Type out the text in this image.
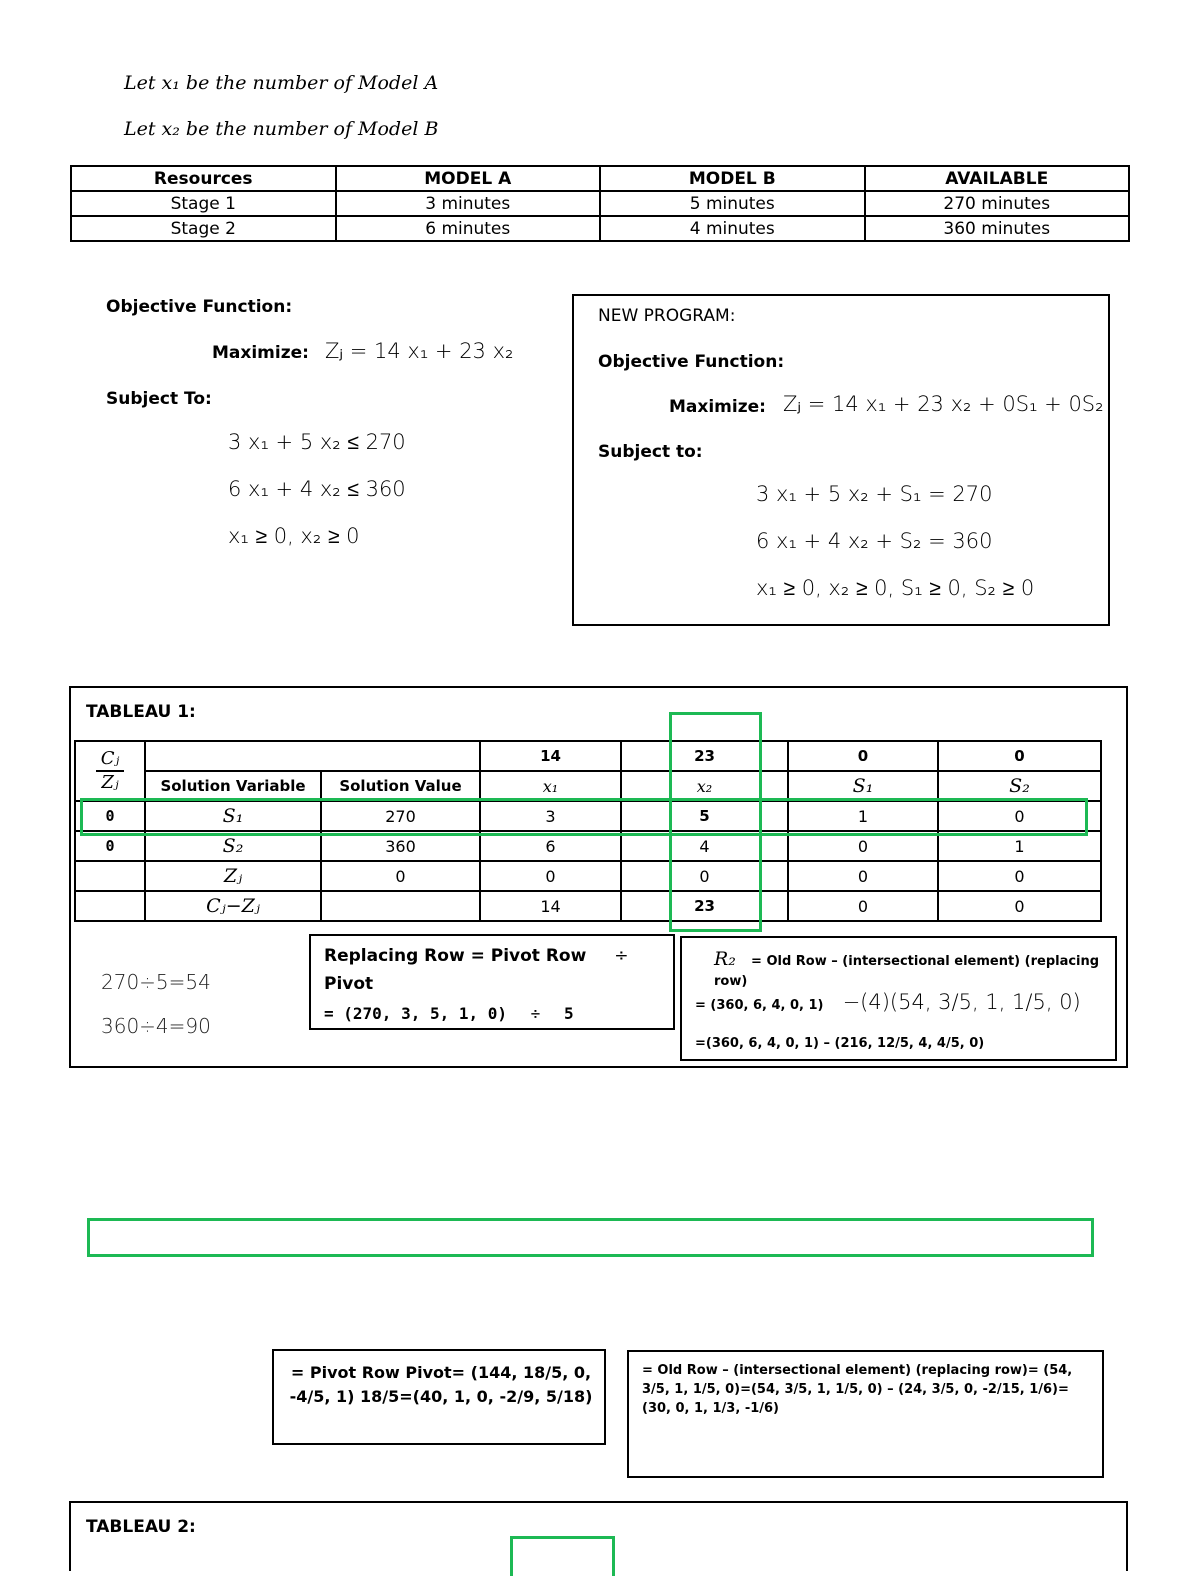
Let x₁ be the number of Model A
Let x₂ be the number of Model B
Resources	MODEL A	MODEL B	AVAILABLE
Stage 1	3 minutes	5 minutes	270 minutes
Stage 2	6 minutes	4 minutes	360 minutes
Objective Function:
Maximize: Zⱼ = 14 x₁ + 23 x₂
Subject To:
3 x₁ + 5 x₂ ≤ 270
6 x₁ + 4 x₂ ≤ 360
x₁ ≥ 0, x₂ ≥ 0
NEW PROGRAM:
Objective Function:
Maximize: Zⱼ = 14 x₁ + 23 x₂ + 0S₁ + 0S₂
Subject to:
3 x₁ + 5 x₂ + S₁ = 270
6 x₁ + 4 x₂ + S₂ = 360
x₁ ≥ 0, x₂ ≥ 0, S₁ ≥ 0, S₂ ≥ 0
TABLEAU 1:
Cⱼ
Zⱼ			14	23	0	0
	Solution Variable	Solution Value	x₁	x₂	S₁	S₂
0	S₁	270	3	5	1	0
0	S₂	360	6	4	0	1
	Zⱼ	0	0	0	0	0
	Cⱼ−Zⱼ		14	23	0	0
270÷5=54
360÷4=90
Replacing Row = Pivot Row ÷
Pivot
= (270, 3, 5, 1, 0) ÷ 5
R₂ = Old Row – (intersectional element) (replacing row)
= (360, 6, 4, 0, 1) −(4)(54, 3/5, 1, 1/5, 0)
=(360, 6, 4, 0, 1) – (216, 12/5, 4, 4/5, 0)
= Pivot Row Pivot= (144, 18/5, 0, -4/5, 1) 18/5=(40, 1, 0, -2/9, 5/18)
= Old Row – (intersectional element) (replacing row)= (54, 3/5, 1, 1/5, 0)=(54, 3/5, 1, 1/5, 0) – (24, 3/5, 0, -2/15, 1/6)=(30, 0, 1, 1/3, -1/6)
TABLEAU 2:
